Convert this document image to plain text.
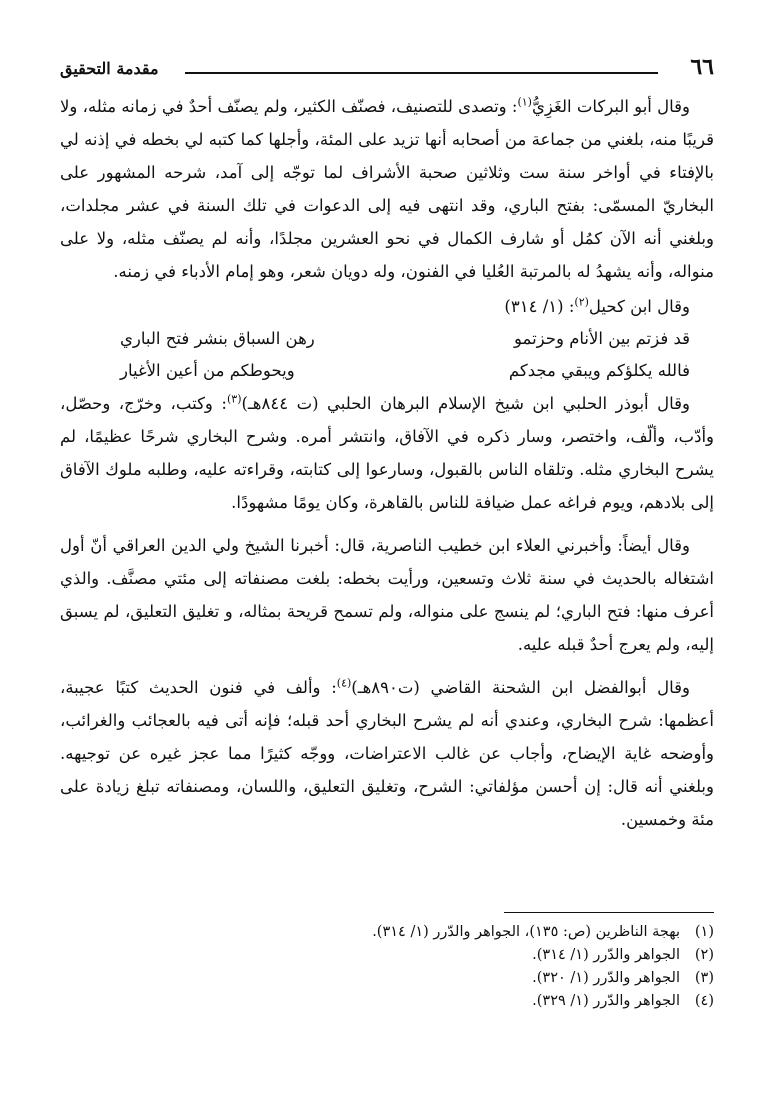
٦٦
مقدمة التحقيق

وقال أبو البركات الغَزِيُّ$^{(١)}$: وتصدى للتصنيف، فصنّف الكثير، ولم يصنّف أحدٌ في زمانه مثله، ولا قريبًا منه، بلغني من جماعة من أصحابه أنها تزيد على المئة، وأجلها كما كتبه لي بخطه في إذنه لي بالإفتاء في أواخر سنة ست وثلاثين صحبة الأشراف لما توجّه إلى آمد، شرحه المشهور على البخاريّ المسمّى: بفتح الباري، وقد انتهى فيه إلى الدعوات في تلك السنة في عشر مجلدات، وبلغني أنه الآن كمُل أو شارف الكمال في نحو العشرين مجلدًا، وأنه لم يصنّف مثله، ولا على منواله، وأنه يشهدُ له بالمرتبة العُليا في الفنون، وله دويان شعر، وهو إمام الأدباء في زمنه.

وقال ابن كحيل$^{(٢)}$: (١/ ٣١٤)
قد فزتم بين الأنام وحزتمو
رهن السباق بنشر فتح الباري
فالله يكلؤكم ويبقي مجدكم
ويحوطكم من أعين الأغيار

وقال أبوذر الحلبي ابن شيخ الإسلام البرهان الحلبي (ت ٨٤٤هـ)$^{(٣)}$: وكتب، وخرّج، وحصّل، وأدّب، وألّف، واختصر، وسار ذكره في الآفاق، وانتشر أمره. وشرح البخاري شرحًا عظيمًا، لم يشرح البخاري مثله. وتلقاه الناس بالقبول، وسارعوا إلى كتابته، وقراءته عليه، وطلبه ملوك الآفاق إلى بلادهم، ويوم فراغه عمل ضيافة للناس بالقاهرة، وكان يومًا مشهودًا.

وقال أيضاً: وأخبرني العلاء ابن خطيب الناصرية، قال: أخبرنا الشيخ ولي الدين العراقي أنّ أول اشتغاله بالحديث في سنة ثلاث وتسعين، ورأيت بخطه: بلغت مصنفاته إلى مئتي مصنَّف. والذي أعرف منها: فتح الباري؛ لم ينسج على منواله، ولم تسمح قريحة بمثاله، و تغليق التعليق، لم يسبق إليه، ولم يعرج أحدٌ قبله عليه.

وقال أبوالفضل ابن الشحنة القاضي (ت٨٩٠هـ)$^{(٤)}$: وألف في فنون الحديث كتبًا عجيبة، أعظمها: شرح البخاري، وعندي أنه لم يشرح البخاري أحد قبله؛ فإنه أتى فيه بالعجائب والغرائب، وأوضحه غاية الإيضاح، وأجاب عن غالب الاعتراضات، ووجّه كثيرًا مما عجز غيره عن توجيهه. وبلغني أنه قال: إن أحسن مؤلفاتي: الشرح، وتغليق التعليق، واللسان، ومصنفاته تبلغ زيادة على مئة وخمسين.

(١)
بهجة الناظرين (ص: ١٣٥)، الجواهر والدّرر (١/ ٣١٤).
(٢)
الجواهر والدّرر (١/ ٣١٤).
(٣)
الجواهر والدّرر (١/ ٣٢٠).
(٤)
الجواهر والدّرر (١/ ٣٢٩).
